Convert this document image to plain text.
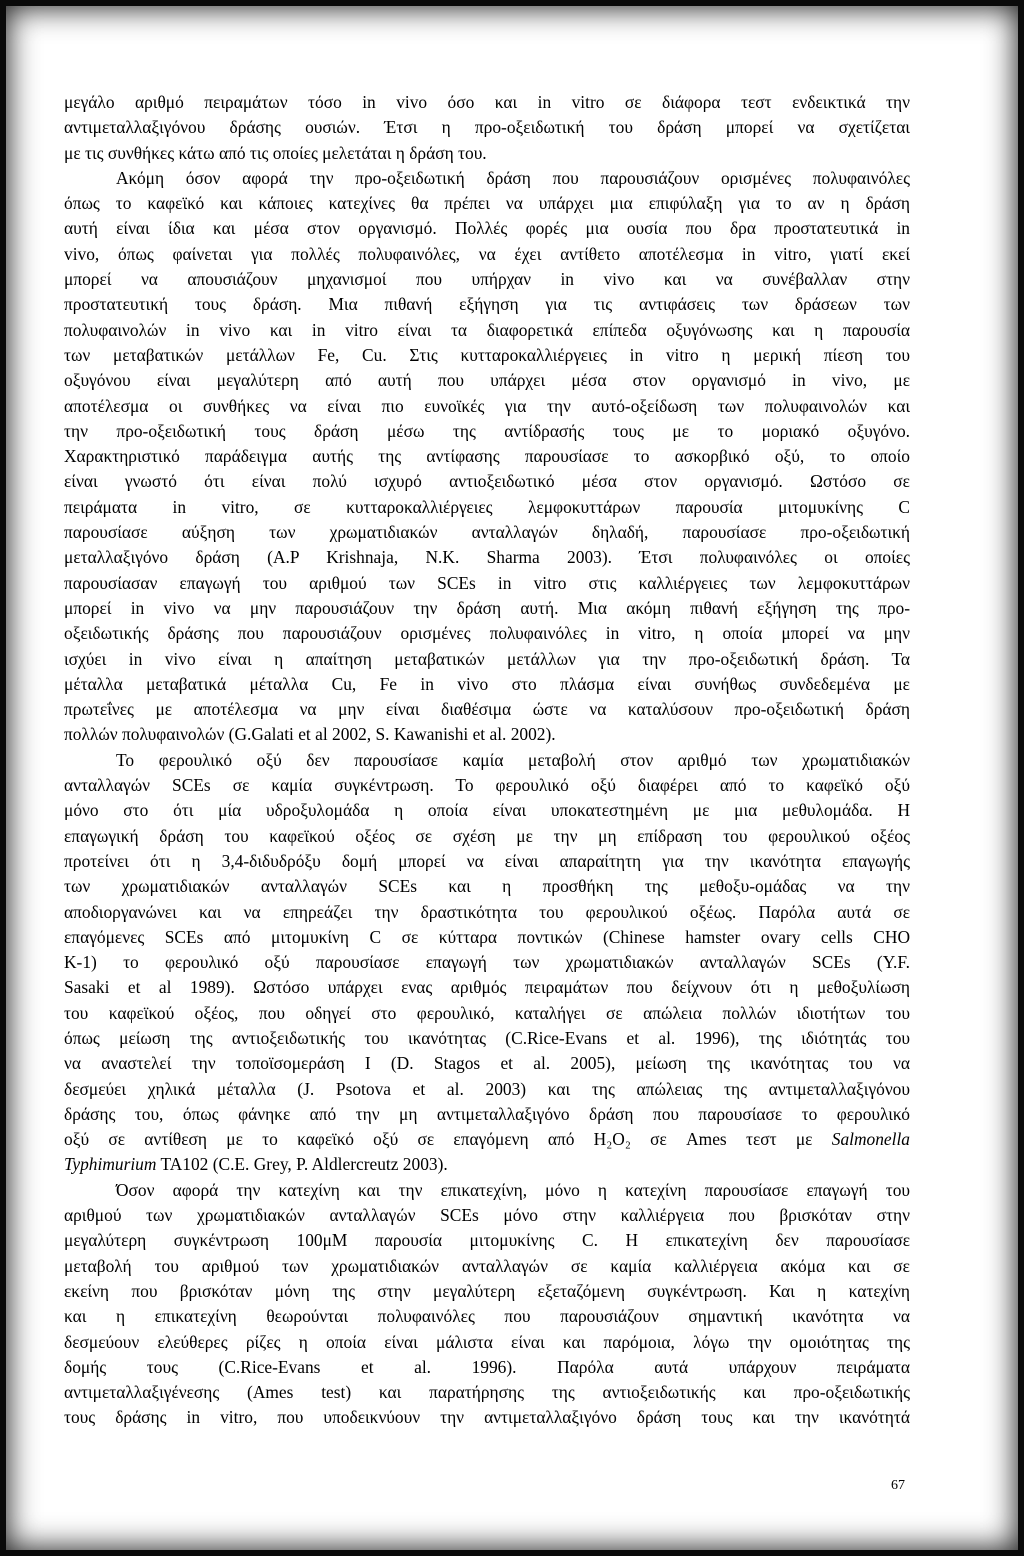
μεγάλο αριθμό πειραμάτων τόσο in vivo όσο και in vitro σε διάφορα τεστ ενδεικτικά την
αντιμεταλλαξιγόνου δράσης ουσιών. Έτσι η προ-οξειδωτική του δράση μπορεί να σχετίζεται
με τις συνθήκες κάτω από τις οποίες μελετάται η δράση του.
Ακόμη όσον αφορά την προ-οξειδωτική δράση που παρουσιάζουν ορισμένες πολυφαινόλες
όπως το καφεϊκό και κάποιες κατεχίνες θα πρέπει να υπάρχει μια επιφύλαξη για το αν η δράση
αυτή είναι ίδια και μέσα στον οργανισμό. Πολλές φορές μια ουσία που δρα προστατευτικά in
vivo, όπως φαίνεται για πολλές πολυφαινόλες, να έχει αντίθετο αποτέλεσμα in vitro, γιατί εκεί
μπορεί να απουσιάζουν μηχανισμοί που υπήρχαν in vivo και να συνέβαλλαν στην
προστατευτική τους δράση. Μια πιθανή εξήγηση για τις αντιφάσεις των δράσεων των
πολυφαινολών in vivo και in vitro είναι τα διαφορετικά επίπεδα οξυγόνωσης και η παρουσία
των μεταβατικών μετάλλων Fe, Cu. Στις κυτταροκαλλιέργειες in vitro η μερική πίεση του
οξυγόνου είναι μεγαλύτερη από αυτή που υπάρχει μέσα στον οργανισμό in vivo, με
αποτέλεσμα οι συνθήκες να είναι πιο ευνοϊκές για την αυτό-οξείδωση των πολυφαινολών και
την προ-οξειδωτική τους δράση μέσω της αντίδρασής τους με το μοριακό οξυγόνο.
Χαρακτηριστικό παράδειγμα αυτής της αντίφασης παρουσίασε το ασκορβικό οξύ, το οποίο
είναι γνωστό ότι είναι πολύ ισχυρό αντιοξειδωτικό μέσα στον οργανισμό. Ωστόσο σε
πειράματα in vitro, σε κυτταροκαλλιέργειες λεμφοκυττάρων παρουσία μιτομυκίνης C
παρουσίασε αύξηση των χρωματιδιακών ανταλλαγών δηλαδή, παρουσίασε προ-οξειδωτική
μεταλλαξιγόνο δράση (A.P Krishnaja, N.K. Sharma 2003). Έτσι πολυφαινόλες οι οποίες
παρουσίασαν επαγωγή του αριθμού των SCEs in vitro στις καλλιέργειες των λεμφοκυττάρων
μπορεί in vivo να μην παρουσιάζουν την δράση αυτή. Μια ακόμη πιθανή εξήγηση της προ-
οξειδωτικής δράσης που παρουσιάζουν ορισμένες πολυφαινόλες in vitro, η οποία μπορεί να μην
ισχύει in vivo είναι η απαίτηση μεταβατικών μετάλλων για την προ-οξειδωτική δράση. Τα
μέταλλα μεταβατικά μέταλλα Cu, Fe in vivo στο πλάσμα είναι συνήθως συνδεδεμένα με
πρωτεΐνες με αποτέλεσμα να μην είναι διαθέσιμα ώστε να καταλύσουν προ-οξειδωτική δράση
πολλών πολυφαινολών (G.Galati et al 2002, S. Kawanishi et al. 2002).
Το φερουλικό οξύ δεν παρουσίασε καμία μεταβολή στον αριθμό των χρωματιδιακών
ανταλλαγών SCEs σε καμία συγκέντρωση. Το φερουλικό οξύ διαφέρει από το καφεϊκό οξύ
μόνο στο ότι μία υδροξυλομάδα η οποία είναι υποκατεστημένη με μια μεθυλομάδα. Η
επαγωγική δράση του καφεϊκού οξέος σε σχέση με την μη επίδραση του φερουλικού οξέος
προτείνει ότι η 3,4-διδυδρόξυ δομή μπορεί να είναι απαραίτητη για την ικανότητα επαγωγής
των χρωματιδιακών ανταλλαγών SCEs και η προσθήκη της μεθοξυ-ομάδας να την
αποδιοργανώνει και να επηρεάζει την δραστικότητα του φερουλικού οξέως. Παρόλα αυτά σε
επαγόμενες SCEs από μιτομυκίνη C σε κύτταρα ποντικών (Chinese hamster ovary cells CHO
K-1) το φερουλικό οξύ παρουσίασε επαγωγή των χρωματιδιακών ανταλλαγών SCEs (Y.F.
Sasaki et al 1989). Ωστόσο υπάρχει ενας αριθμός πειραμάτων που δείχνουν ότι η μεθοξυλίωση
του καφεϊκού οξέος, που οδηγεί στο φερουλικό, καταλήγει σε απώλεια πολλών ιδιοτήτων του
όπως μείωση της αντιοξειδωτικής του ικανότητας (C.Rice-Evans et al. 1996), της ιδιότητάς του
να αναστελεί την τοποϊσομεράση I (D. Stagos et al. 2005), μείωση της ικανότητας του να
δεσμεύει χηλικά μέταλλα (J. Psotova et al. 2003) και της απώλειας της αντιμεταλλαξιγόνου
δράσης του, όπως φάνηκε από την μη αντιμεταλλαξιγόνο δράση που παρουσίασε το φερουλικό
οξύ σε αντίθεση με το καφεϊκό οξύ σε επαγόμενη από H₂O₂ σε Ames τεστ με Salmonella
Typhimurium TA102 (C.E. Grey, P. Aldlercreutz 2003).
Όσον αφορά την κατεχίνη και την επικατεχίνη, μόνο η κατεχίνη παρουσίασε επαγωγή του
αριθμού των χρωματιδιακών ανταλλαγών SCEs μόνο στην καλλιέργεια που βρισκόταν στην
μεγαλύτερη συγκέντρωση 100μΜ παρουσία μιτομυκίνης C. Η επικατεχίνη δεν παρουσίασε
μεταβολή του αριθμού των χρωματιδιακών ανταλλαγών σε καμία καλλιέργεια ακόμα και σε
εκείνη που βρισκόταν μόνη της στην μεγαλύτερη εξεταζόμενη συγκέντρωση. Και η κατεχίνη
και η επικατεχίνη θεωρούνται πολυφαινόλες που παρουσιάζουν σημαντική ικανότητα να
δεσμεύουν ελεύθερες ρίζες η οποία είναι μάλιστα είναι και παρόμοια, λόγω την ομοιότητας της
δομής τους (C.Rice-Evans et al. 1996). Παρόλα αυτά υπάρχουν πειράματα
αντιμεταλλαξιγένεσης (Ames test) και παρατήρησης της αντιοξειδωτικής και προ-οξειδωτικής
τους δράσης in vitro, που υποδεικνύουν την αντιμεταλλαξιγόνο δράση τους και την ικανότητά
67
